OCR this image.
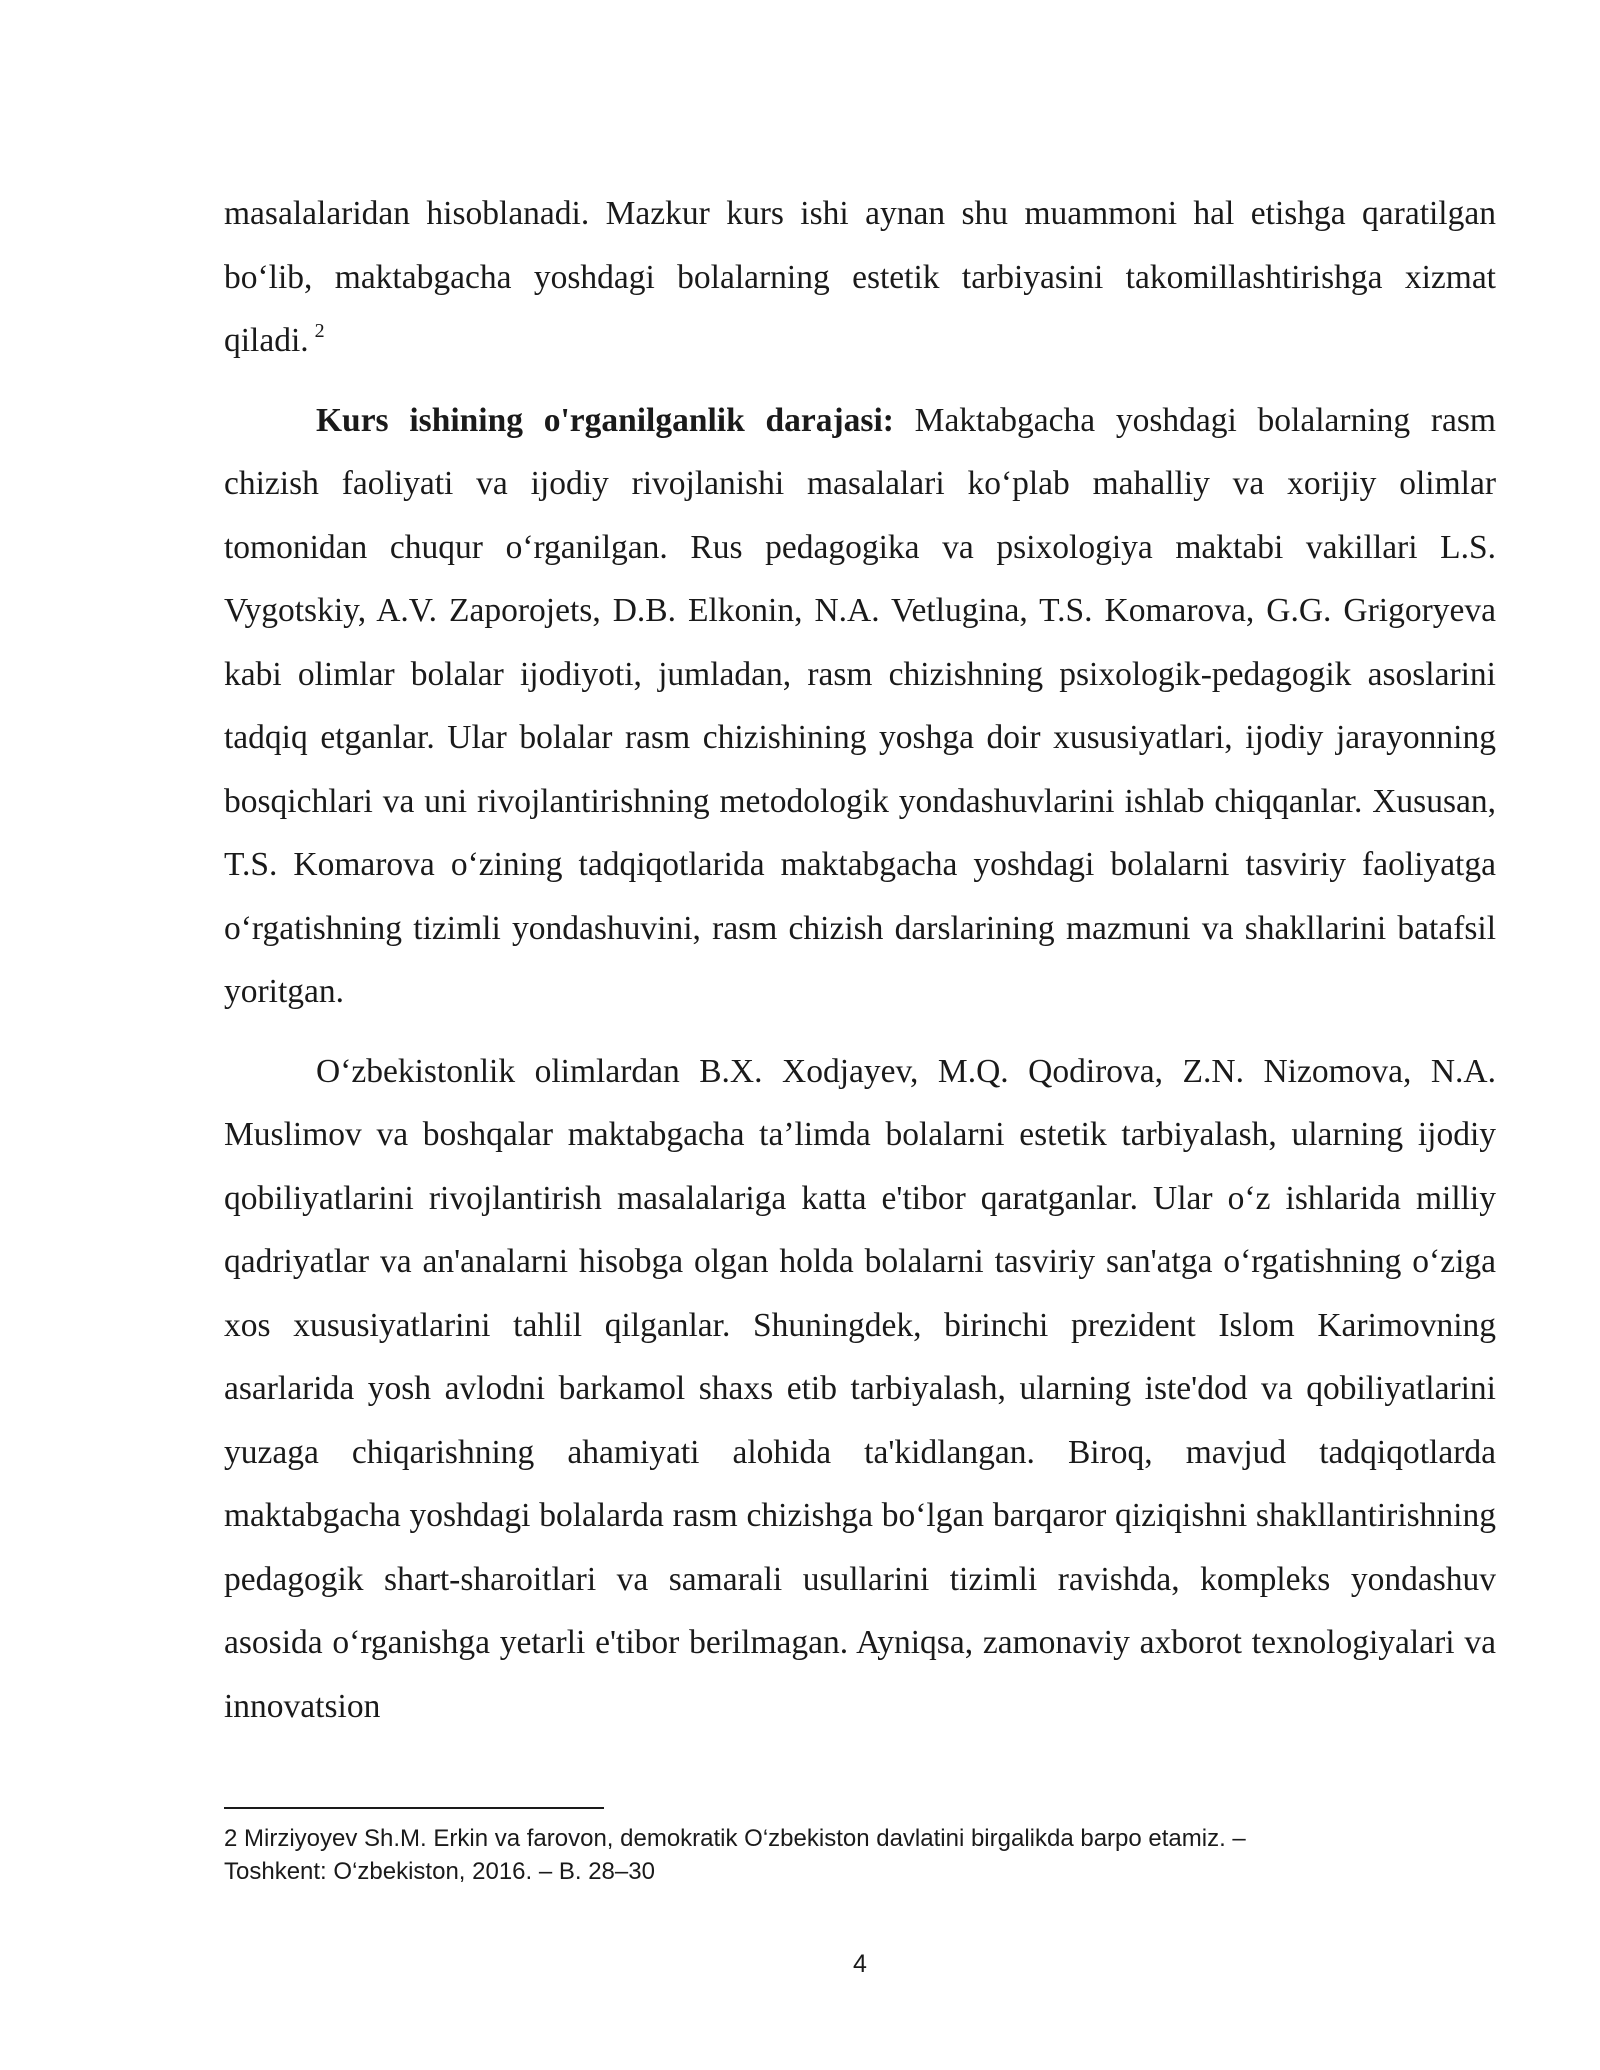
masalalaridan hisoblanadi. Mazkur kurs ishi aynan shu muammoni hal etishga qaratilgan bo‘lib, maktabgacha yoshdagi bolalarning estetik tarbiyasini takomillashtirishga xizmat qiladi. $^2$

Kurs ishining o'rganilganlik darajasi: Maktabgacha yoshdagi bolalarning rasm chizish faoliyati va ijodiy rivojlanishi masalalari ko‘plab mahalliy va xorijiy olimlar tomonidan chuqur o‘rganilgan. Rus pedagogika va psixologiya maktabi vakillari L.S. Vygotskiy, A.V. Zaporojets, D.B. Elkonin, N.A. Vetlugina, T.S. Komarova, G.G. Grigoryeva kabi olimlar bolalar ijodiyoti, jumladan, rasm chizishning psixologik-pedagogik asoslarini tadqiq etganlar. Ular bolalar rasm chizishining yoshga doir xususiyatlari, ijodiy jarayonning bosqichlari va uni rivojlantirishning metodologik yondashuvlarini ishlab chiqqanlar. Xususan, T.S. Komarova o‘zining tadqiqotlarida maktabgacha yoshdagi bolalarni tasviriy faoliyatga o‘rgatishning tizimli yondashuvini, rasm chizish darslarining mazmuni va shakllarini batafsil yoritgan.

O‘zbekistonlik olimlardan B.X. Xodjayev, M.Q. Qodirova, Z.N. Nizomova, N.A. Muslimov va boshqalar maktabgacha ta’limda bolalarni estetik tarbiyalash, ularning ijodiy qobiliyatlarini rivojlantirish masalalariga katta e'tibor qaratganlar. Ular o‘z ishlarida milliy qadriyatlar va an'analarni hisobga olgan holda bolalarni tasviriy san'atga o‘rgatishning o‘ziga xos xususiyatlarini tahlil qilganlar. Shuningdek, birinchi prezident Islom Karimovning asarlarida yosh avlodni barkamol shaxs etib tarbiyalash, ularning iste'dod va qobiliyatlarini yuzaga chiqarishning ahamiyati alohida ta'kidlangan. Biroq, mavjud tadqiqotlarda maktabgacha yoshdagi bolalarda rasm chizishga bo‘lgan barqaror qiziqishni shakllantirishning pedagogik shart-sharoitlari va samarali usullarini tizimli ravishda, kompleks yondashuv asosida o‘rganishga yetarli e'tibor berilmagan. Ayniqsa, zamonaviy axborot texnologiyalari va innovatsion

2 Mirziyoyev Sh.M. Erkin va farovon, demokratik O‘zbekiston davlatini birgalikda barpo etamiz. –
Toshkent: O‘zbekiston, 2016. – B. 28–30
4
